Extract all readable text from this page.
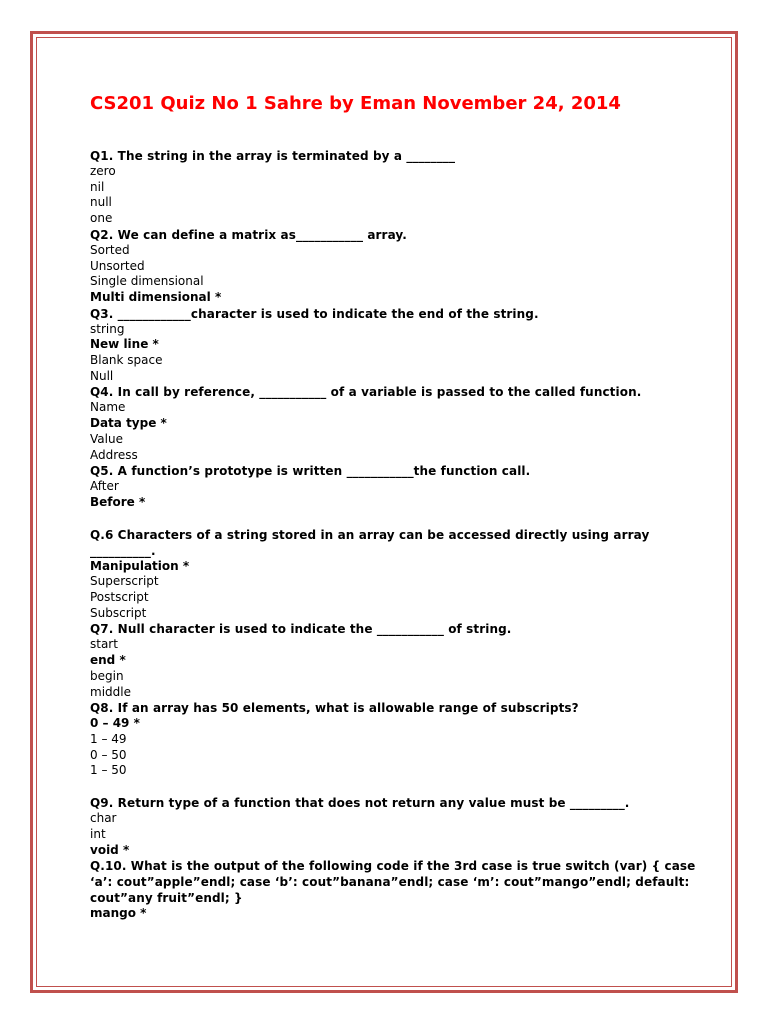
CS201 Quiz No 1 Sahre by Eman November 24, 2014
Q1. The string in the array is terminated by a ________
zero
nil
null
one
Q2. We can define a matrix as___________ array.
Sorted
Unsorted
Single dimensional
Multi dimensional *
Q3. ____________character is used to indicate the end of the string.
string
New line *
Blank space
Null
Q4. In call by reference, ___________ of a variable is passed to the called function.
Name
Data type *
Value
Address
Q5. A function’s prototype is written ___________the function call.
After
Before *
Q.6 Characters of a string stored in an array can be accessed directly using array __________.
Manipulation *
Superscript
Postscript
Subscript
Q7. Null character is used to indicate the ___________ of string.
start
end *
begin
middle
Q8. If an array has 50 elements, what is allowable range of subscripts?
0 – 49 *
1 – 49
0 – 50
1 – 50
Q9. Return type of a function that does not return any value must be _________.
char
int
void *
Q.10. What is the output of the following code if the 3rd case is true switch (var) { case ‘a’: cout”apple”endl; case ‘b’: cout”banana”endl; case ‘m’: cout”mango”endl; default: cout”any fruit”endl; }
mango *
